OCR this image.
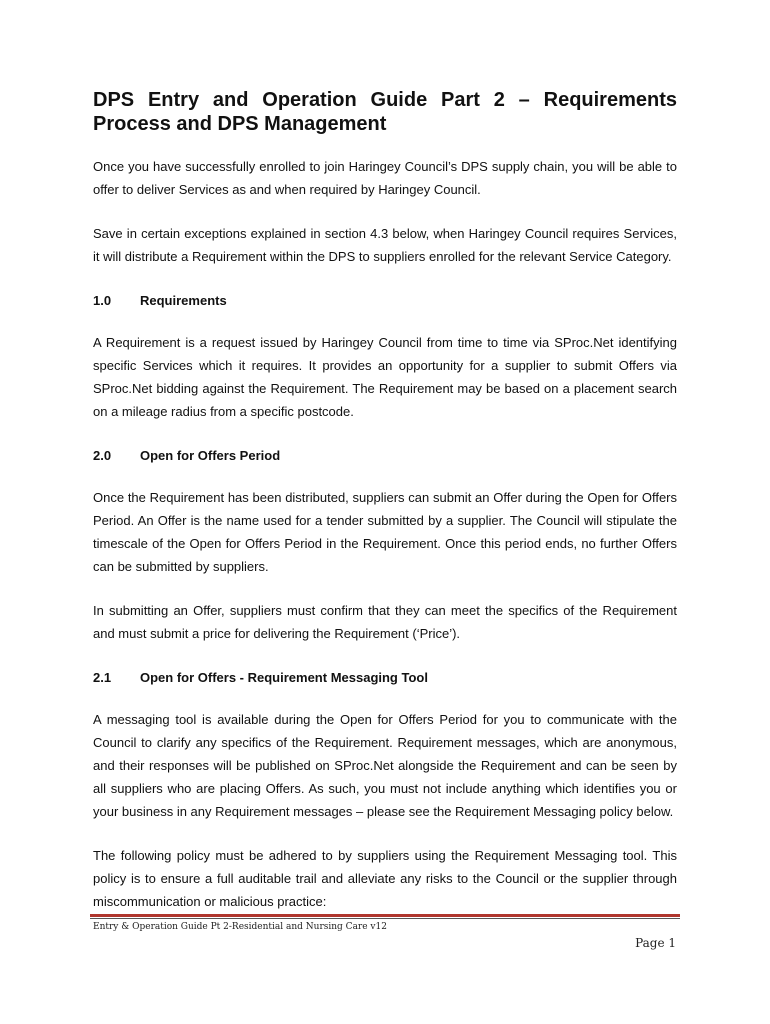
DPS Entry and Operation Guide Part 2 – Requirements Process and DPS Management

Once you have successfully enrolled to join Haringey Council’s DPS supply chain, you will be able to offer to deliver Services as and when required by Haringey Council.

Save in certain exceptions explained in section 4.3 below, when Haringey Council requires Services, it will distribute a Requirement within the DPS to suppliers enrolled for the relevant Service Category.

1.0	Requirements

A Requirement is a request issued by Haringey Council from time to time via SProc.Net identifying specific Services which it requires. It provides an opportunity for a supplier to submit Offers via SProc.Net bidding against the Requirement. The Requirement may be based on a placement search on a mileage radius from a specific postcode.

2.0	Open for Offers Period

Once the Requirement has been distributed, suppliers can submit an Offer during the Open for Offers Period. An Offer is the name used for a tender submitted by a supplier. The Council will stipulate the timescale of the Open for Offers Period in the Requirement. Once this period ends, no further Offers can be submitted by suppliers.

In submitting an Offer, suppliers must confirm that they can meet the specifics of the Requirement and must submit a price for delivering the Requirement (‘Price’).

2.1	Open for Offers - Requirement Messaging Tool

A messaging tool is available during the Open for Offers Period for you to communicate with the Council to clarify any specifics of the Requirement. Requirement messages, which are anonymous, and their responses will be published on SProc.Net alongside the Requirement and can be seen by all suppliers who are placing Offers. As such, you must not include anything which identifies you or your business in any Requirement messages – please see the Requirement Messaging policy below.

The following policy must be adhered to by suppliers using the Requirement Messaging tool. This policy is to ensure a full auditable trail and alleviate any risks to the Council or the supplier through miscommunication or malicious practice:

Entry & Operation Guide Pt 2-Residential and Nursing Care v12
Page 1
